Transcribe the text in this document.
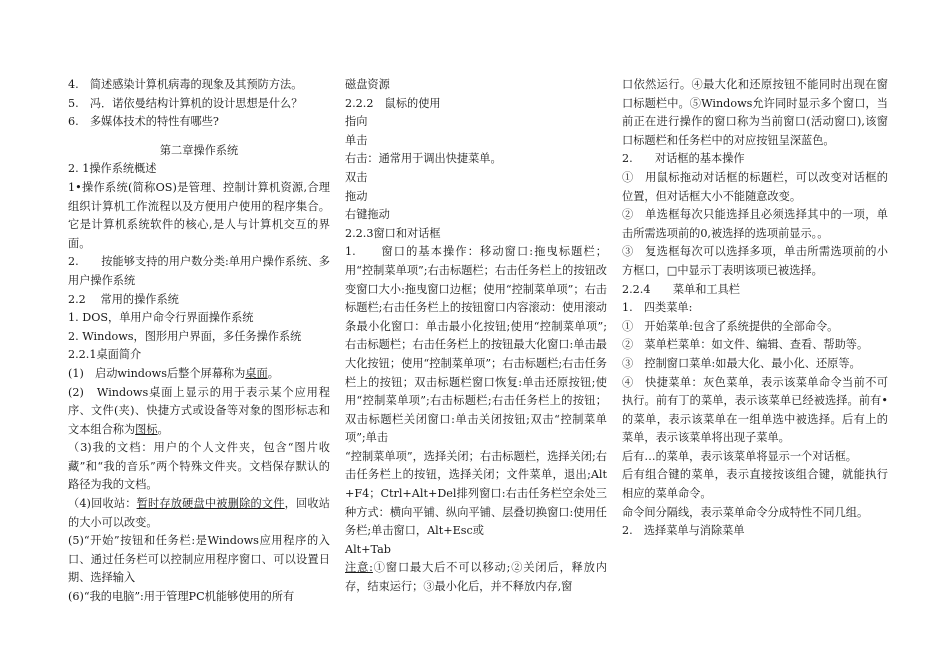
4.　简述感染计算机病毒的现象及其预防方法。

5.　冯．诺依曼结构计算机的设计思想是什么？

6.　多媒体技术的特性有哪些?

第二章操作系统

2. 1操作系统概述

1•操作系统(简称OS)是管理、控制计算机资源,合理组织计算机工作流程以及方便用户使用的程序集合。它是计算机系统软件的核心,是人与计算机交互的界面。

2.　　按能够支持的用户数分类:单用户操作系统、多用户操作系统

2.2　 常用的操作系统

1. DOS，单用户命令行界面操作系统

2. Windows，图形用户界面，多任务操作系统

2.2.1桌面简介

(1)　启动windows后整个屏幕称为桌面。

(2)　Windows桌面上显示的用于表示某个应用程序、文件(夹)、快捷方式或设备等对象的图形标志和文本组合称为图标。

（3)我的文档：用户的个人文件夹，包含“图片收藏”和“我的音乐”两个特殊文件夹。文档保存默认的路径为我的文档。

（4)回收站：暂时存放硬盘中被删除的文件，回收站的大小可以改变。

(5)“开始”按钮和任务栏:是Windows应用程序的入口、通过任务栏可以控制应用程序窗口、可以设置日期、选择输入

(6)“我的电脑”:用于管理PC机能够使用的所有

磁盘资源

2.2.2　鼠标的使用

指向

单击

右击：通常用于调出快捷菜单。

双击

拖动

右键拖动

2.2.3窗口和对话框

1.　　窗口的基本操作：移动窗口:拖曳标题栏；用“控制菜单项”;右击标题栏；右击任务栏上的按钮改变窗口大小:拖曳窗口边框；使用“控制菜单项”；右击标题栏;右击任务栏上的按钮窗口内容滚动：使用滚动条最小化窗口：单击最小化按钮;使用“控制菜单项”;右击标题栏；右击任务栏上的按钮最大化窗口:单击最大化按钮；使用“控制菜单项”；右击标题栏;右击任务栏上的按钮；双击标题栏窗口恢复:单击还原按钮;使用“控制菜单项”;右击标题栏;右击任务栏上的按钮；双击标题栏关闭窗口:单击关闭按钮;双击“控制菜单项”;单击

“控制菜单项”，选择关闭；右击标题栏，选择关闭;右击任务栏上的按钮，选择关闭；文件菜单，退出;Alt+F4；Ctrl+Alt+Del排列窗口:右击任务栏空余处三种方式：横向平铺、纵向平铺、层叠切换窗口:使用任务栏;单击窗口，Alt+Esc或

Alt+Tab

注意:①窗口最大后不可以移动;②关闭后，释放内存，结束运行；③最小化后，并不释放内存,窗

口依然运行。④最大化和还原按钮不能同时出现在窗口标题栏中。⑤Windows允许同时显示多个窗口，当前正在进行操作的窗口称为当前窗口(活动窗口),该窗口标题栏和任务栏中的对应按钮呈深蓝色。

2.　　对话框的基本操作

①　用鼠标拖动对话框的标题栏，可以改变对话框的位置，但对话框大小不能随意改变。

②　单选框每次只能选择且必须选择其中的一项，单击所需选项前的0,被选择的选项前显示。。

③　复选框每次可以选择多项，单击所需选项前的小方框口，□中显示丁表明该项已被选择。

2.2.4　　菜单和工具栏

1.　四类菜单:

①　开始菜单:包含了系统提供的全部命令。

②　菜单栏菜单：如文件、编辑、查看、帮助等。

③　控制窗口菜单:如最大化、最小化、还原等。

④　快捷菜单：灰色菜单，表示该菜单命令当前不可执行。前有丁的菜单，表示该菜单已经被选择。前有•的菜单，表示该菜单在一组单选中被选择。后有上的菜单，表示该菜单将出现子菜单。

后有…的菜单，表示该菜单将显示一个对话框。

后有组合键的菜单，表示直接按该组合键，就能执行相应的菜单命令。

命令间分隔线，表示菜单命令分成特性不同几组。

2.　选择菜单与消除菜单
